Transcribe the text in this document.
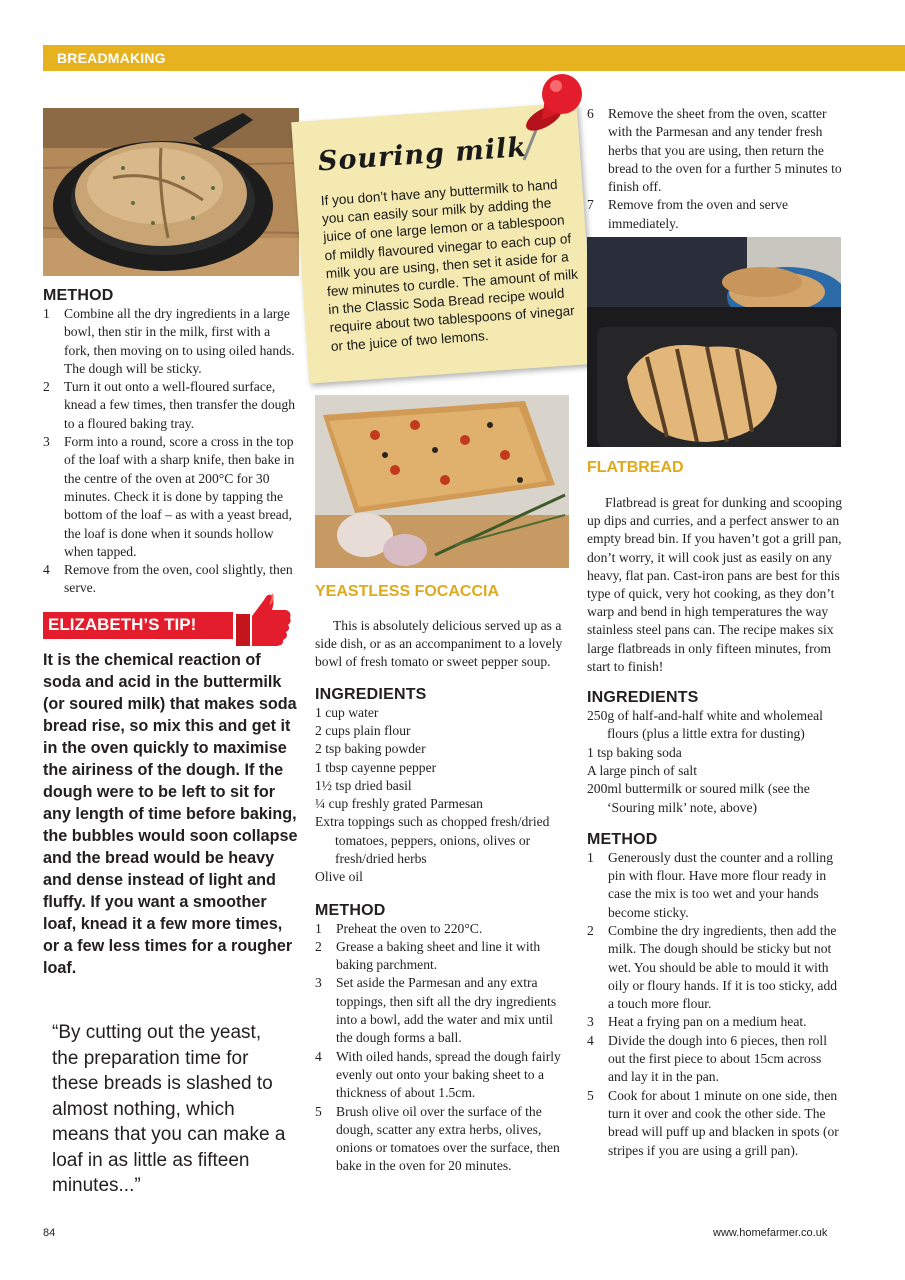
BREADMAKING
METHOD
1 Combine all the dry ingredients in a large bowl, then stir in the milk, first with a fork, then moving on to using oiled hands. The dough will be sticky.
2 Turn it out onto a well-floured surface, knead a few times, then transfer the dough to a floured baking tray.
3 Form into a round, score a cross in the top of the loaf with a sharp knife, then bake in the centre of the oven at 200°C for 30 minutes. Check it is done by tapping the bottom of the loaf – as with a yeast bread, the loaf is done when it sounds hollow when tapped.
4 Remove from the oven, cool slightly, then serve.
ELIZABETH’S TIP!

It is the chemical reaction of soda and acid in the buttermilk (or soured milk) that makes soda bread rise, so mix this and get it in the oven quickly to maximise the airiness of the dough. If the dough were to be left to sit for any length of time before baking, the bubbles would soon collapse and the bread would be heavy and dense instead of light and fluffy. If you want a smoother loaf, knead it a few more times, or a few less times for a rougher loaf.

“By cutting out the yeast, the preparation time for these breads is slashed to almost nothing, which means that you can make a loaf in as little as fifteen minutes...”

Souring milk

If you don’t have any buttermilk to hand you can easily sour milk by adding the juice of one large lemon or a tablespoon of mildly flavoured vinegar to each cup of milk you are using, then set it aside for a few minutes to curdle. The amount of milk in the Classic Soda Bread recipe would require about two tablespoons of vinegar or the juice of two lemons.

YEASTLESS FOCACCIA

This is absolutely delicious served up as a side dish, or as an accompaniment to a lovely bowl of fresh tomato or sweet pepper soup.

INGREDIENTS
1 cup water
2 cups plain flour
2 tsp baking powder
1 tbsp cayenne pepper
1½ tsp dried basil
¼ cup freshly grated Parmesan
Extra toppings such as chopped fresh/dried tomatoes, peppers, onions, olives or fresh/dried herbs
Olive oil
METHOD
1 Preheat the oven to 220°C.
2 Grease a baking sheet and line it with baking parchment.
3 Set aside the Parmesan and any extra toppings, then sift all the dry ingredients into a bowl, add the water and mix until the dough forms a ball.
4 With oiled hands, spread the dough fairly evenly out onto your baking sheet to a thickness of about 1.5cm.
5 Brush olive oil over the surface of the dough, scatter any extra herbs, olives, onions or tomatoes over the surface, then bake in the oven for 20 minutes.
6 Remove the sheet from the oven, scatter with the Parmesan and any tender fresh herbs that you are using, then return the bread to the oven for a further 5 minutes to finish off.
7 Remove from the oven and serve immediately.
FLATBREAD

Flatbread is great for dunking and scooping up dips and curries, and a perfect answer to an empty bread bin. If you haven’t got a grill pan, don’t worry, it will cook just as easily on any heavy, flat pan. Cast-iron pans are best for this type of quick, very hot cooking, as they don’t warp and bend in high temperatures the way stainless steel pans can. The recipe makes six large flatbreads in only fifteen minutes, from start to finish!

INGREDIENTS
250g of half-and-half white and wholemeal flours (plus a little extra for dusting)
1 tsp baking soda
A large pinch of salt
200ml buttermilk or soured milk (see the ‘Souring milk’ note, above)
METHOD
1 Generously dust the counter and a rolling pin with flour. Have more flour ready in case the mix is too wet and your hands become sticky.
2 Combine the dry ingredients, then add the milk. The dough should be sticky but not wet. You should be able to mould it with oily or floury hands. If it is too sticky, add a touch more flour.
3 Heat a frying pan on a medium heat.
4 Divide the dough into 6 pieces, then roll out the first piece to about 15cm across and lay it in the pan.
5 Cook for about 1 minute on one side, then turn it over and cook the other side. The bread will puff up and blacken in spots (or stripes if you are using a grill pan).
84	www.homefarmer.co.uk
